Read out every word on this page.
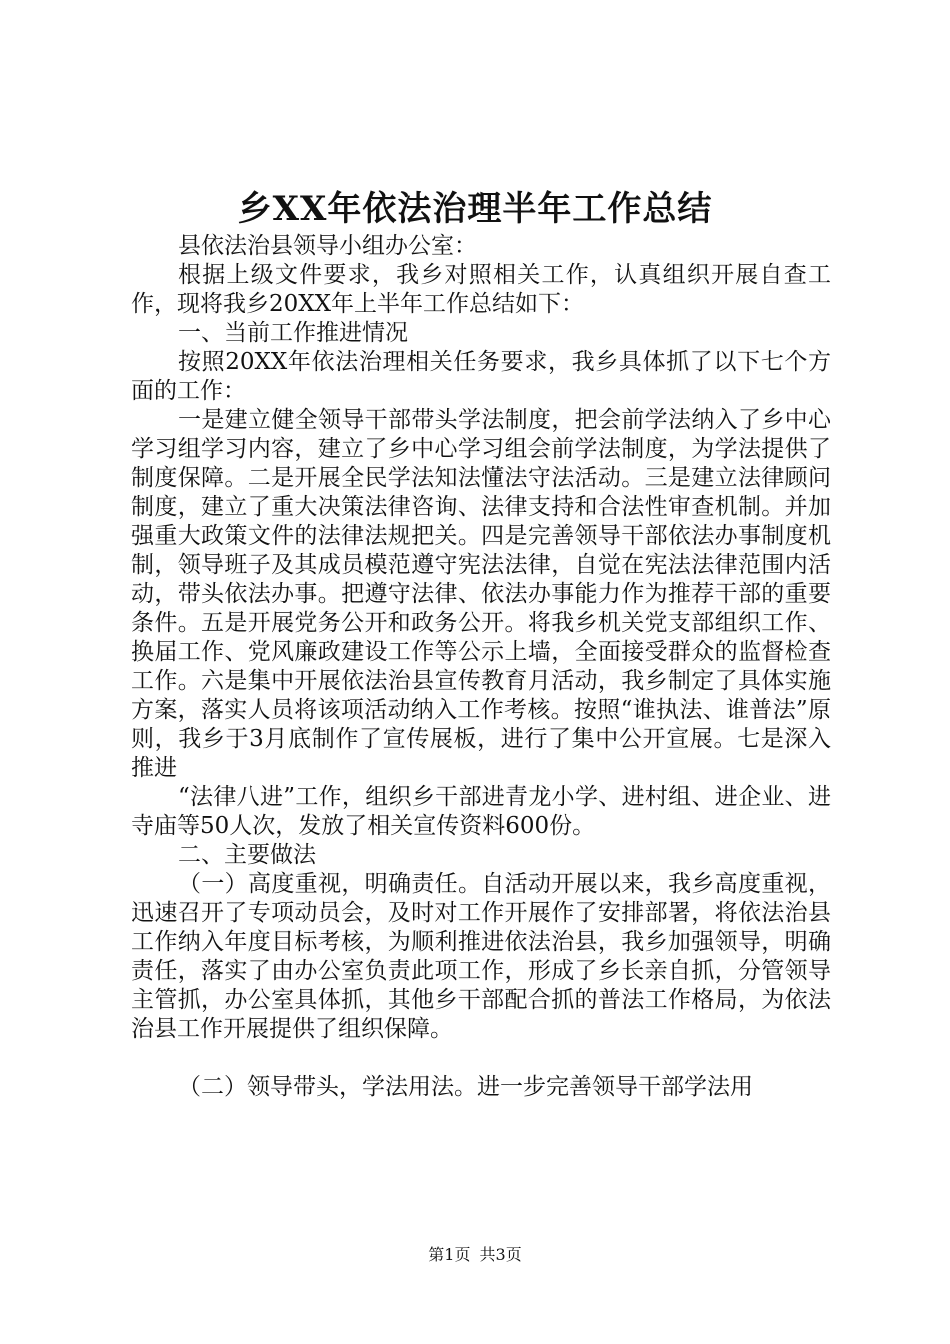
乡XX年依法治理半年工作总结

县依法治县领导小组办公室：

根据上级文件要求，我乡对照相关工作，认真组织开展自查工作，现将我乡20XX年上半年工作总结如下：

一、当前工作推进情况

按照20XX年依法治理相关任务要求，我乡具体抓了以下七个方面的工作：

一是建立健全领导干部带头学法制度，把会前学法纳入了乡中心学习组学习内容，建立了乡中心学习组会前学法制度，为学法提供了制度保障。二是开展全民学法知法懂法守法活动。三是建立法律顾问制度，建立了重大决策法律咨询、法律支持和合法性审查机制。并加强重大政策文件的法律法规把关。四是完善领导干部依法办事制度机制，领导班子及其成员模范遵守宪法法律，自觉在宪法法律范围内活动，带头依法办事。把遵守法律、依法办事能力作为推荐干部的重要条件。五是开展党务公开和政务公开。将我乡机关党支部组织工作、换届工作、党风廉政建设工作等公示上墙，全面接受群众的监督检查工作。六是集中开展依法治县宣传教育月活动，我乡制定了具体实施方案，落实人员将该项活动纳入工作考核。按照“谁执法、谁普法”原则，我乡于3月底制作了宣传展板，进行了集中公开宣展。七是深入推进

“法律八进”工作，组织乡干部进青龙小学、进村组、进企业、进寺庙等50人次，发放了相关宣传资料600份。

二、主要做法

（一）高度重视，明确责任。自活动开展以来，我乡高度重视，迅速召开了专项动员会，及时对工作开展作了安排部署，将依法治县工作纳入年度目标考核，为顺利推进依法治县，我乡加强领导，明确责任，落实了由办公室负责此项工作，形成了乡长亲自抓，分管领导主管抓，办公室具体抓，其他乡干部配合抓的普法工作格局，为依法治县工作开展提供了组织保障。

（二）领导带头，学法用法。进一步完善领导干部学法用

第1页 共3页
